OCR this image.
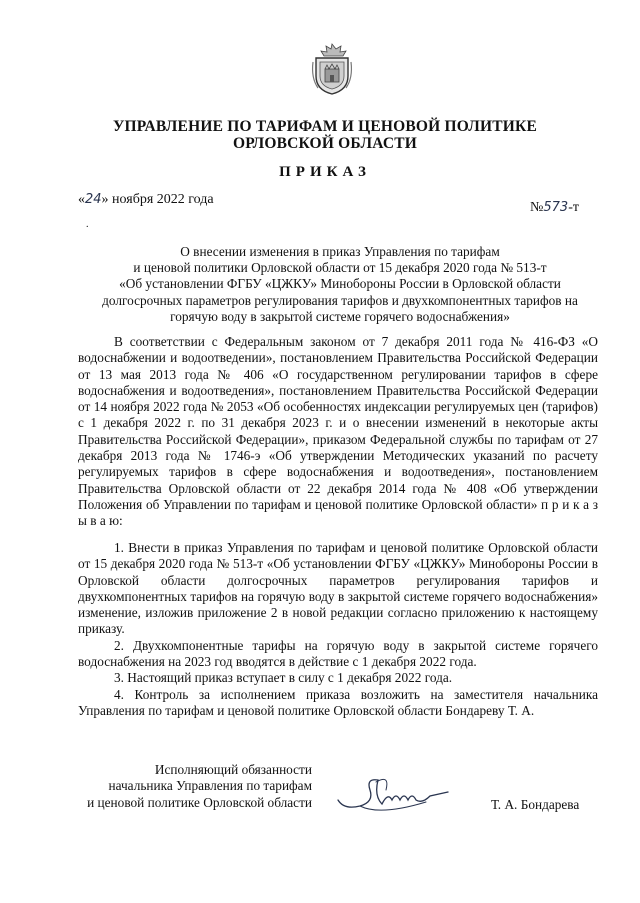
УПРАВЛЕНИЕ ПО ТАРИФАМ И ЦЕНОВОЙ ПОЛИТИКЕ
ОРЛОВСКОЙ ОБЛАСТИ
ПРИКАЗ
«24» ноября 2022 года
№573-т
.
О внесении изменения в приказ Управления по тарифам
и ценовой политики Орловской области от 15 декабря 2020 года № 513-т
«Об установлении ФГБУ «ЦЖКУ» Минобороны России в Орловской области
долгосрочных параметров регулирования тарифов и двухкомпонентных тарифов на
горячую воду в закрытой системе горячего водоснабжения»
В соответствии с Федеральным законом от 7 декабря 2011 года № 416-ФЗ «О водоснабжении и водоотведении», постановлением Правительства Российской Федерации от 13 мая 2013 года № 406 «О государственном регулировании тарифов в сфере водоснабжения и водоотведения», постановлением Правительства Российской Федерации от 14 ноября 2022 года № 2053 «Об особенностях индексации регулируемых цен (тарифов) с 1 декабря 2022 г. по 31 декабря 2023 г. и о внесении изменений в некоторые акты Правительства Российской Федерации», приказом Федеральной службы по тарифам от 27 декабря 2013 года № 1746-э «Об утверждении Методических указаний по расчету регулируемых тарифов в сфере водоснабжения и водоотведения», постановлением Правительства Орловской области от 22 декабря 2014 года № 408 «Об утверждении Положения об Управлении по тарифам и ценовой политике Орловской области» п р и к а з ы в а ю:

1. Внести в приказ Управления по тарифам и ценовой политике Орловской области от 15 декабря 2020 года № 513-т «Об установлении ФГБУ «ЦЖКУ» Минобороны России в Орловской области долгосрочных параметров регулирования тарифов и двухкомпонентных тарифов на горячую воду в закрытой системе горячего водоснабжения» изменение, изложив приложение 2 в новой редакции согласно приложению к настоящему приказу.

2. Двухкомпонентные тарифы на горячую воду в закрытой системе горячего водоснабжения на 2023 год вводятся в действие с 1 декабря 2022 года.

3. Настоящий приказ вступает в силу с 1 декабря 2022 года.

4. Контроль за исполнением приказа возложить на заместителя начальника Управления по тарифам и ценовой политике Орловской области Бондареву Т. А.

Исполняющий обязанности
начальника Управления по тарифам
и ценовой политике Орловской области	Т. А. Бондарева
